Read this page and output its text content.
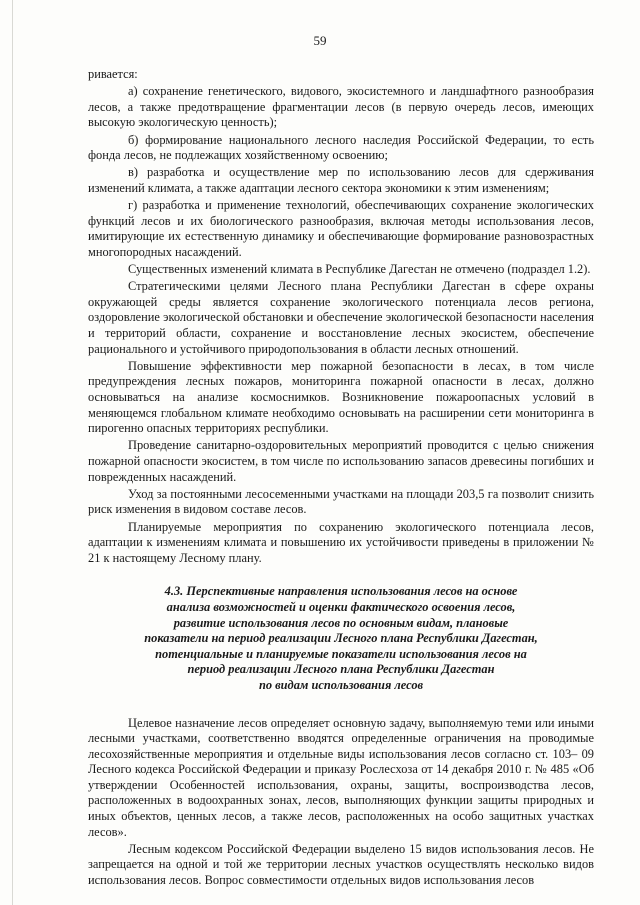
59

ривается:

а) сохранение генетического, видового, экосистемного и ландшафтного разнообразия лесов, а также предотвращение фрагментации лесов (в первую очередь лесов, имеющих высокую экологическую ценность);

б) формирование национального лесного наследия Российской Федерации, то есть фонда лесов, не подлежащих хозяйственному освоению;

в) разработка и осуществление мер по использованию лесов для сдерживания изменений климата, а также адаптации лесного сектора экономики к этим изменениям;

г) разработка и применение технологий, обеспечивающих сохранение экологических функций лесов и их биологического разнообразия, включая методы использования лесов, имитирующие их естественную динамику и обеспечивающие формирование разновозрастных многопородных насаждений.

Существенных изменений климата в Республике Дагестан не отмечено (подраздел 1.2).

Стратегическими целями Лесного плана Республики Дагестан в сфере охраны окружающей среды является сохранение экологического потенциала лесов региона, оздоровление экологической обстановки и обеспечение экологической безопасности населения и территорий области, сохранение и восстановление лесных экосистем, обеспечение рационального и устойчивого природопользования в области лесных отношений.

Повышение эффективности мер пожарной безопасности в лесах, в том числе предупреждения лесных пожаров, мониторинга пожарной опасности в лесах, должно основываться на анализе космоснимков. Возникновение пожароопасных условий в меняющемся глобальном климате необходимо основывать на расширении сети мониторинга в пирогенно опасных территориях республики.

Проведение санитарно-оздоровительных мероприятий проводится с целью снижения пожарной опасности экосистем, в том числе по использованию запасов древесины погибших и поврежденных насаждений.

Уход за постоянными лесосеменными участками на площади 203,5 га позволит снизить риск изменения в видовом составе лесов.

Планируемые мероприятия по сохранению экологического потенциала лесов, адаптации к изменениям климата и повышению их устойчивости приведены в приложении № 21 к настоящему Лесному плану.

4.3. Перспективные направления использования лесов на основе
анализа возможностей и оценки фактического освоения лесов,
развитие использования лесов по основным видам, плановые
показатели на период реализации Лесного плана Республики Дагестан,
потенциальные и планируемые показатели использования лесов на
период реализации Лесного плана Республики Дагестан
по видам использования лесов

Целевое назначение лесов определяет основную задачу, выполняемую теми или иными лесными участками, соответственно вводятся определенные ограничения на проводимые лесохозяйственные мероприятия и отдельные виды использования лесов согласно ст. 103– 09 Лесного кодекса Российской Федерации и приказу Рослесхоза от 14 декабря 2010 г. № 485 «Об утверждении Особенностей использования, охраны, защиты, воспроизводства лесов, расположенных в водоохранных зонах, лесов, выполняющих функции защиты природных и иных объектов, ценных лесов, а также лесов, расположенных на особо защитных участках лесов».

Лесным кодексом Российской Федерации выделено 15 видов использования лесов. Не запрещается на одной и той же территории лесных участков осуществлять несколько видов использования лесов. Вопрос совместимости отдельных видов использования лесов
